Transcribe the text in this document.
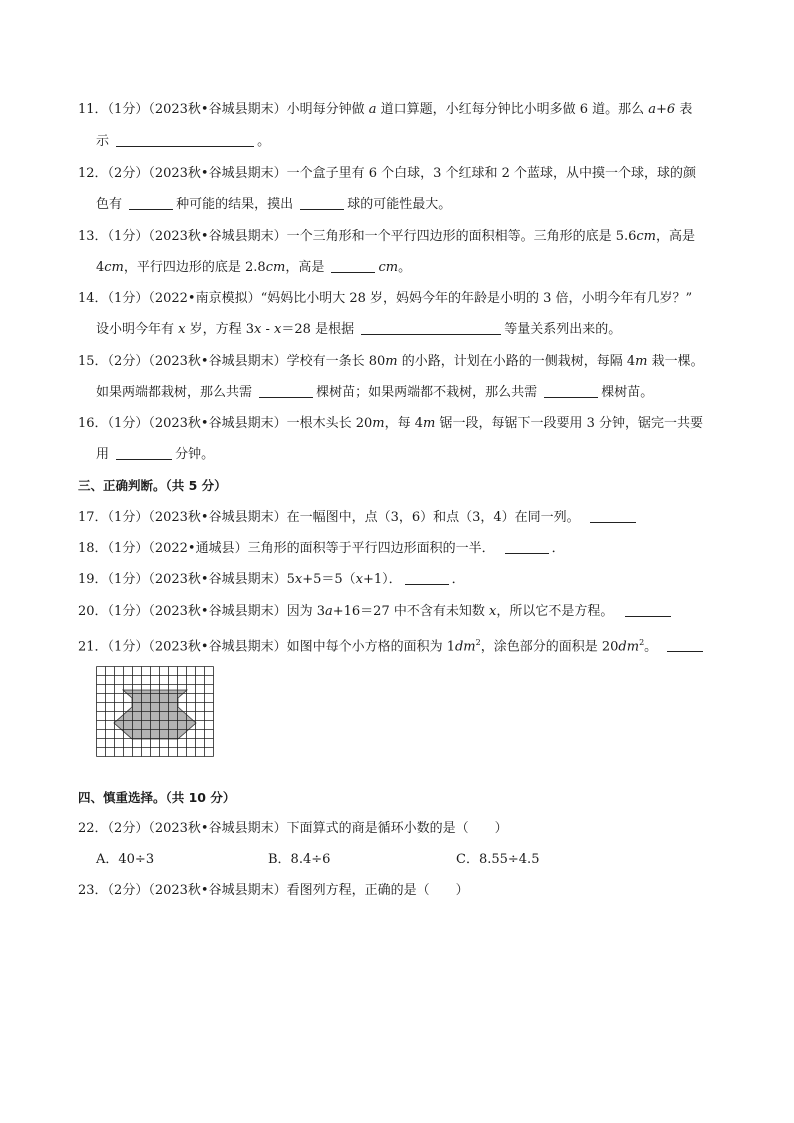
11．（1分）（2023秋•谷城县期末）小明每分钟做 a 道口算题，小红每分钟比小明多做 6 道。那么 a+6 表
示	。
12．（2分）（2023秋•谷城县期末）一个盒子里有 6 个白球，3 个红球和 2 个蓝球，从中摸一个球，球的颜
色有	种可能的结果，摸出	球的可能性最大。
13．（1分）（2023秋•谷城县期末）一个三角形和一个平行四边形的面积相等。三角形的底是 5.6cm，高是
4cm，平行四边形的底是 2.8cm，高是	cm。
14．（1分）（2022•南京模拟）“妈妈比小明大 28 岁，妈妈今年的年龄是小明的 3 倍，小明今年有几岁？”
设小明今年有 x 岁，方程 3x - x＝28 是根据	等量关系列出来的。
15．（2分）（2023秋•谷城县期末）学校有一条长 80m 的小路，计划在小路的一侧栽树，每隔 4m 栽一棵。
如果两端都栽树，那么共需	棵树苗；如果两端都不栽树，那么共需	棵树苗。
16．（1分）（2023秋•谷城县期末）一根木头长 20m，每 4m 锯一段，每锯下一段要用 3 分钟，锯完一共要
用	分钟。
三、正确判断。（共 5 分）
17．（1分）（2023秋•谷城县期末）在一幅图中，点（3，6）和点（3，4）在同一列。
18．（1分）（2022•通城县）三角形的面积等于平行四边形面积的一半．	．
19．（1分）（2023秋•谷城县期末）5x+5＝5（x+1）．	．
20．（1分）（2023秋•谷城县期末）因为 3a+16＝27 中不含有未知数 x，所以它不是方程。
21．（1分）（2023秋•谷城县期末）如图中每个小方格的面积为 $1dm^2$，涂色部分的面积是 $20dm^2$。
四、慎重选择。（共 10 分）
22．（2分）（2023秋•谷城县期末）下面算式的商是循环小数的是（　　）
A．40÷3	B．8.4÷6	C．8.55÷4.5
23．（2分）（2023秋•谷城县期末）看图列方程，正确的是（　　）
